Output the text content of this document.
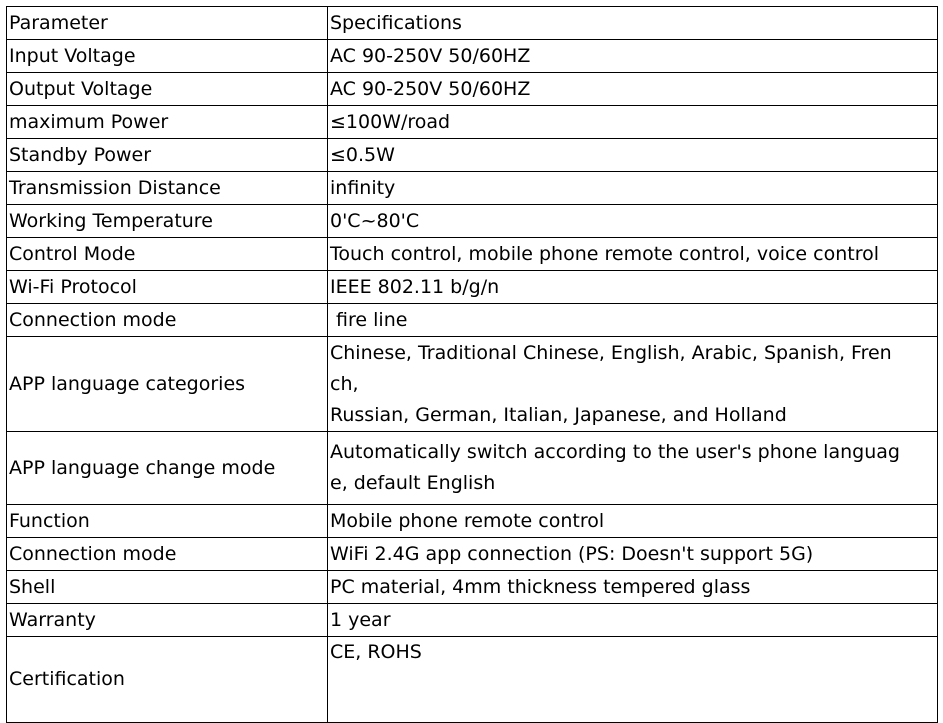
Parameter	Specifications
Input Voltage	AC 90-250V 50/60HZ
Output Voltage	AC 90-250V 50/60HZ
maximum Power	≤100W/road
Standby Power	≤0.5W
Transmission Distance	infinity
Working Temperature	0'C~80'C
Control Mode	Touch control, mobile phone remote control, voice control
Wi-Fi Protocol	IEEE 802.11 b/g/n
Connection mode	fire line
APP language categories	Chinese, Traditional Chinese, English, Arabic, Spanish, Fren
ch,
Russian, German, Italian, Japanese, and Holland
APP language change mode	Automatically switch according to the user's phone languag
e, default English
Function	Mobile phone remote control
Connection mode	WiFi 2.4G app connection (PS: Doesn't support 5G)
Shell	PC material, 4mm thickness tempered glass
Warranty	1 year
Certification	CE, ROHS
